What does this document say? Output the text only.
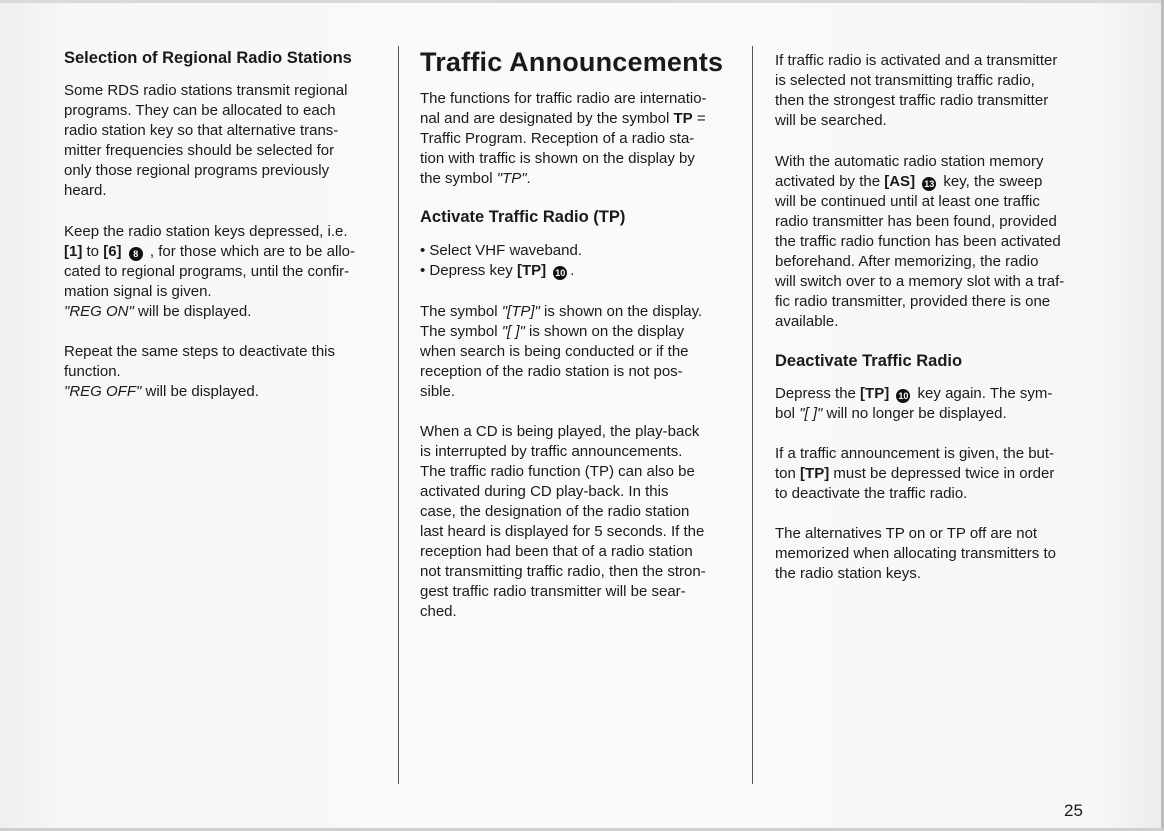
Selection of Regional Radio Stations

Some RDS radio stations transmit regional
programs. They can be allocated to each
radio station key so that alternative trans-
mitter frequencies should be selected for
only those regional programs previously
heard.

Keep the radio station keys depressed, i.e.
[1] to [6] 8 , for those which are to be allo-
cated to regional programs, until the confir-
mation signal is given.
"REG ON" will be displayed.

Repeat the same steps to deactivate this
function.
"REG OFF" will be displayed.

Traffic Announcements

The functions for traffic radio are internatio-
nal and are designated by the symbol TP =
Traffic Program. Reception of a radio sta-
tion with traffic is shown on the display by
the symbol "TP".

Activate Traffic Radio (TP)

• Select VHF waveband.

• Depress key [TP] 10 .

The symbol "[TP]" is shown on the display.
The symbol "[ ]" is shown on the display
when search is being conducted or if the
reception of the radio station is not pos-
sible.

When a CD is being played, the play-back
is interrupted by traffic announcements.
The traffic radio function (TP) can also be
activated during CD play-back. In this
case, the designation of the radio station
last heard is displayed for 5 seconds. If the
reception had been that of a radio station
not transmitting traffic radio, then the stron-
gest traffic radio transmitter will be sear-
ched.

If traffic radio is activated and a transmitter
is selected not transmitting traffic radio,
then the strongest traffic radio transmitter
will be searched.

With the automatic radio station memory
activated by the [AS] 13 key, the sweep
will be continued until at least one traffic
radio transmitter has been found, provided
the traffic radio function has been activated
beforehand. After memorizing, the radio
will switch over to a memory slot with a traf-
fic radio transmitter, provided there is one
available.

Deactivate Traffic Radio

Depress the [TP] 10 key again. The sym-
bol "[ ]" will no longer be displayed.

If a traffic announcement is given, the but-
ton [TP] must be depressed twice in order
to deactivate the traffic radio.

The alternatives TP on or TP off are not
memorized when allocating transmitters to
the radio station keys.

25
